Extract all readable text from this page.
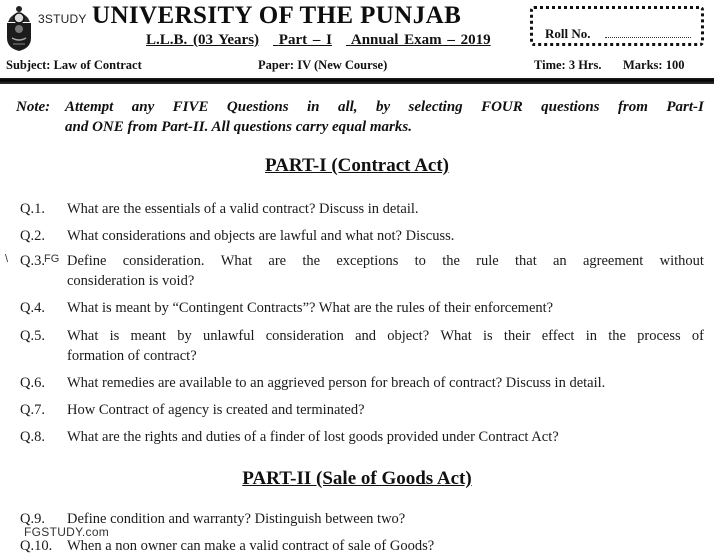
3STUDY UNIVERSITY OF THE PUNJAB
L.L.B. (03 Years) Part – I Annual Exam – 2019	Roll No.
Subject: Law of Contract	Paper: IV (New Course)	Time: 3 Hrs. Marks: 100
Note: Attempt any FIVE Questions in all, by selecting FOUR questions from Part-I
and ONE from Part-II. All questions carry equal marks.
PART-I (Contract Act)
Q.1.	What are the essentials of a valid contract? Discuss in detail.
Q.2.	What considerations and objects are lawful and what not? Discuss.
\ Q.3.	Define consideration. What are the exceptions to the rule that an agreement without
consideration is void?
FG
Q.4.	What is meant by “Contingent Contracts”? What are the rules of their enforcement?
Q.5.	What is meant by unlawful consideration and object? What is their effect in the process of
formation of contract?
Q.6.	What remedies are available to an aggrieved person for breach of contract? Discuss in detail.
Q.7.	How Contract of agency is created and terminated?
Q.8.	What are the rights and duties of a finder of lost goods provided under Contract Act?
PART-II (Sale of Goods Act)
Q.9.	Define condition and warranty? Distinguish between two?
FGSTUDY.com
Q.10.	When a non owner can make a valid contract of sale of Goods?
